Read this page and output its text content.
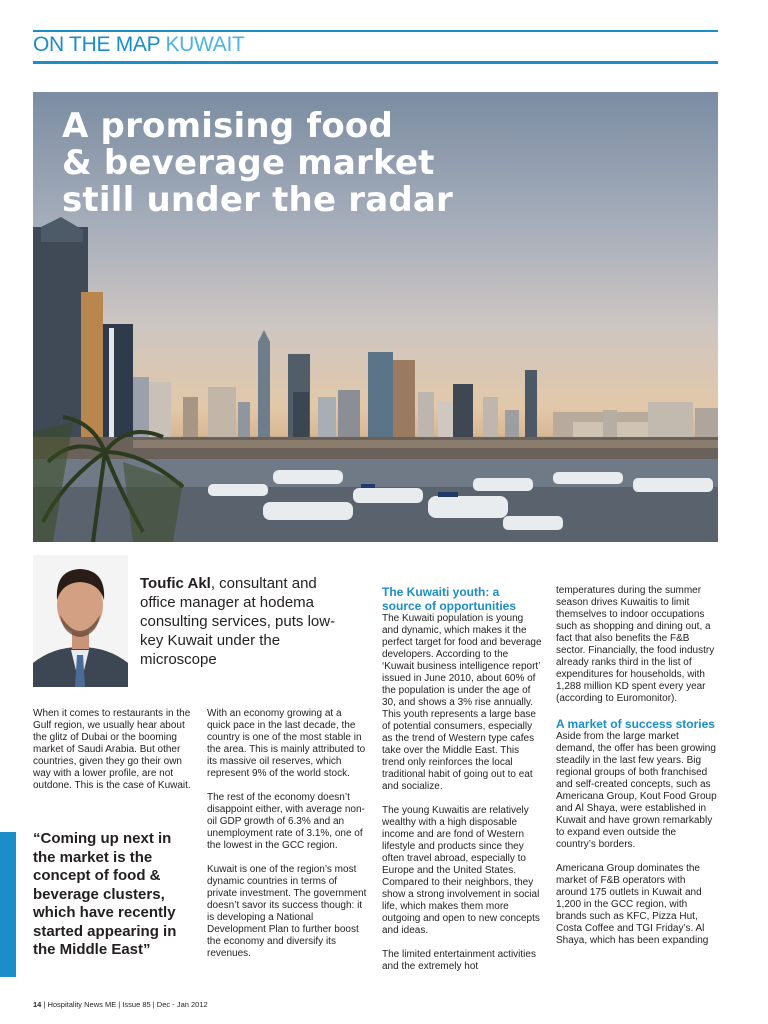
ON THE MAP KUWAIT
A promising food
& beverage market
still under the radar
Toufic Akl, consultant and office manager at hodema consulting services, puts low-key Kuwait under the microscope

When it comes to restaurants in the Gulf region, we usually hear about the glitz of Dubai or the booming market of Saudi Arabia. But other countries, given they go their own way with a lower profile, are not outdone. This is the case of Kuwait.

“Coming up next in the market is the concept of food & beverage clusters, which have recently started appearing in the Middle East”

With an economy growing at a quick pace in the last decade, the country is one of the most stable in the area. This is mainly attributed to its massive oil reserves, which represent 9% of the world stock.

The rest of the economy doesn’t disappoint either, with average non-oil GDP growth of 6.3% and an unemployment rate of 3.1%, one of the lowest in the GCC region.

Kuwait is one of the region’s most dynamic countries in terms of private investment. The government doesn’t savor its success though: it is developing a National Development Plan to further boost the economy and diversify its revenues.

The Kuwaiti youth: a source of opportunities

The Kuwaiti population is young and dynamic, which makes it the perfect target for food and beverage developers. According to the ‘Kuwait business intelligence report’ issued in June 2010, about 60% of the population is under the age of 30, and shows a 3% rise annually. This youth represents a large base of potential consumers, especially as the trend of Western type cafes take over the Middle East. This trend only reinforces the local traditional habit of going out to eat and socialize.

The young Kuwaitis are relatively wealthy with a high disposable income and are fond of Western lifestyle and products since they often travel abroad, especially to Europe and the United States. Compared to their neighbors, they show a strong involvement in social life, which makes them more outgoing and open to new concepts and ideas.

The limited entertainment activities and the extremely hot

temperatures during the summer season drives Kuwaitis to limit themselves to indoor occupations such as shopping and dining out, a fact that also benefits the F&B sector. Financially, the food industry already ranks third in the list of expenditures for households, with 1,288 million KD spent every year (according to Euromonitor).

A market of success stories

Aside from the large market demand, the offer has been growing steadily in the last few years. Big regional groups of both franchised and self-created concepts, such as Americana Group, Kout Food Group and Al Shaya, were established in Kuwait and have grown remarkably to expand even outside the country’s borders.

Americana Group dominates the market of F&B operators with around 175 outlets in Kuwait and 1,200 in the GCC region, with brands such as KFC, Pizza Hut, Costa Coffee and TGI Friday’s. Al Shaya, which has been expanding

14 | Hospitality News ME | Issue 85 | Dec - Jan 2012
